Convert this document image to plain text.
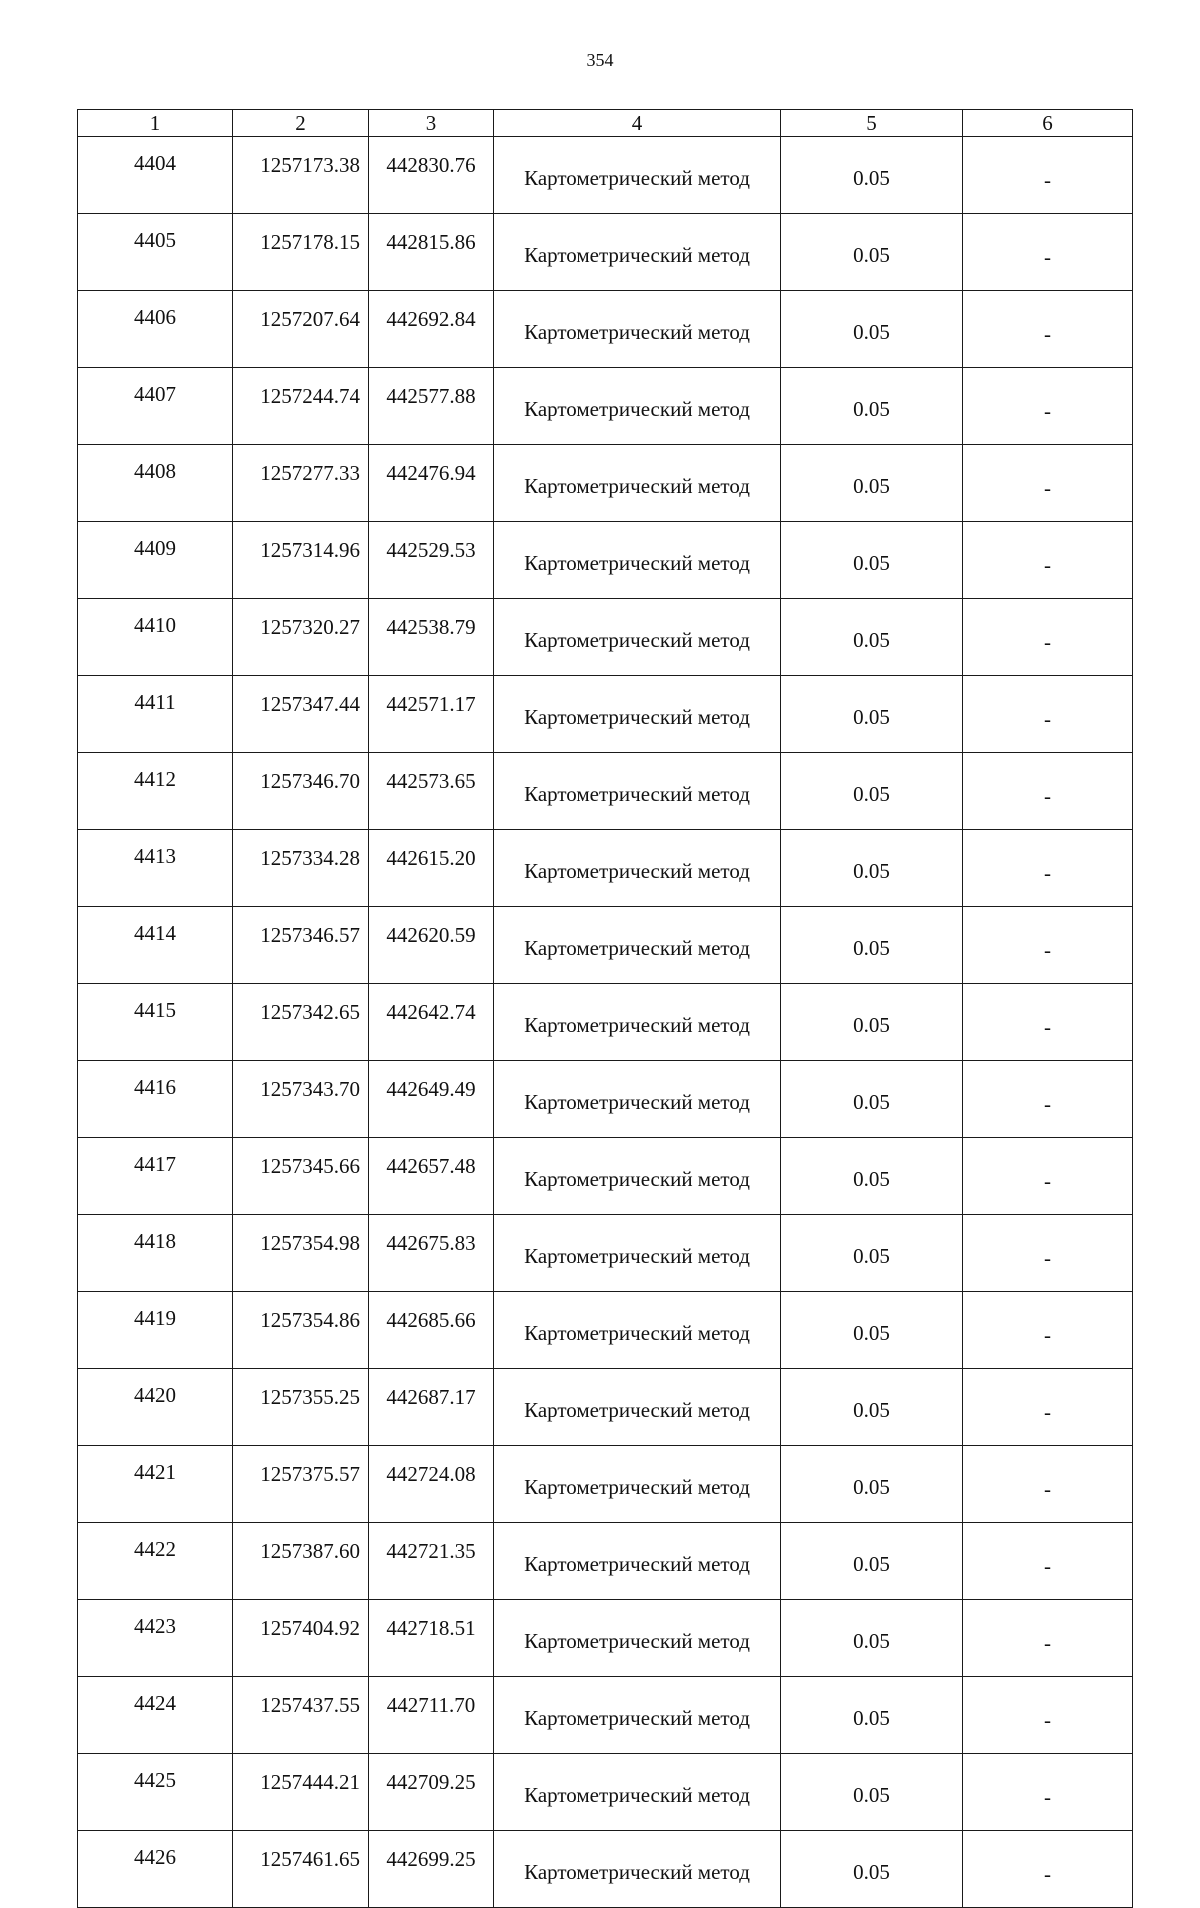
354
1	2	3	4	5	6
4404	1257173.38	442830.76	Картометрический метод	0.05	-
4405	1257178.15	442815.86	Картометрический метод	0.05	-
4406	1257207.64	442692.84	Картометрический метод	0.05	-
4407	1257244.74	442577.88	Картометрический метод	0.05	-
4408	1257277.33	442476.94	Картометрический метод	0.05	-
4409	1257314.96	442529.53	Картометрический метод	0.05	-
4410	1257320.27	442538.79	Картометрический метод	0.05	-
4411	1257347.44	442571.17	Картометрический метод	0.05	-
4412	1257346.70	442573.65	Картометрический метод	0.05	-
4413	1257334.28	442615.20	Картометрический метод	0.05	-
4414	1257346.57	442620.59	Картометрический метод	0.05	-
4415	1257342.65	442642.74	Картометрический метод	0.05	-
4416	1257343.70	442649.49	Картометрический метод	0.05	-
4417	1257345.66	442657.48	Картометрический метод	0.05	-
4418	1257354.98	442675.83	Картометрический метод	0.05	-
4419	1257354.86	442685.66	Картометрический метод	0.05	-
4420	1257355.25	442687.17	Картометрический метод	0.05	-
4421	1257375.57	442724.08	Картометрический метод	0.05	-
4422	1257387.60	442721.35	Картометрический метод	0.05	-
4423	1257404.92	442718.51	Картометрический метод	0.05	-
4424	1257437.55	442711.70	Картометрический метод	0.05	-
4425	1257444.21	442709.25	Картометрический метод	0.05	-
4426	1257461.65	442699.25	Картометрический метод	0.05	-
